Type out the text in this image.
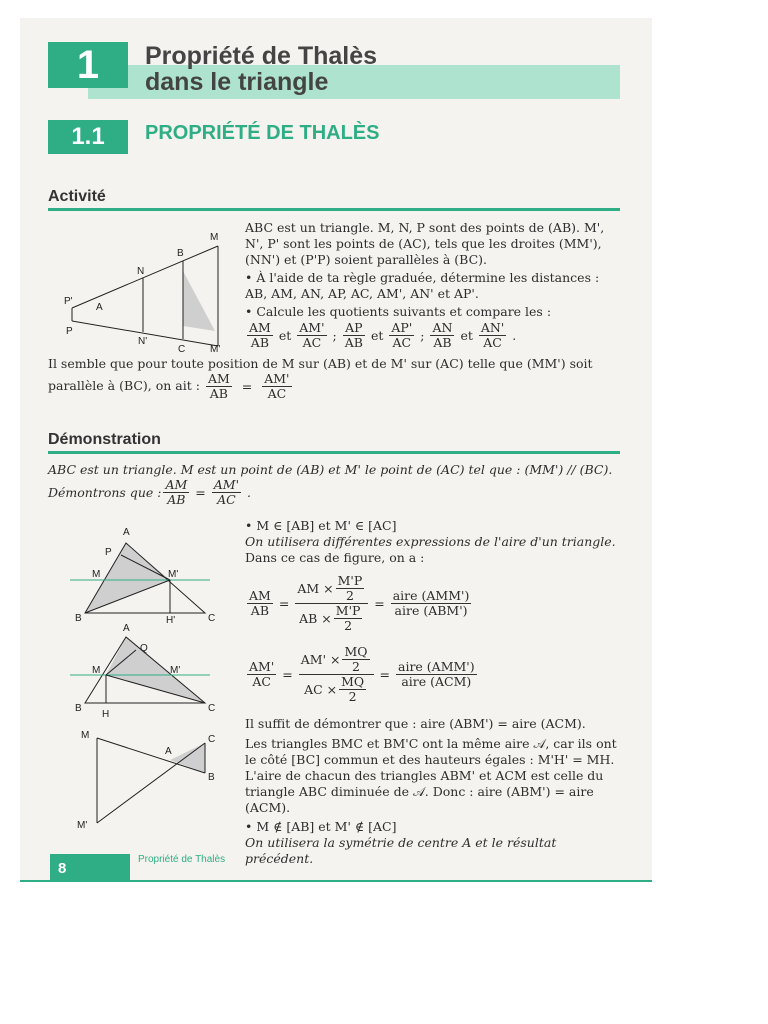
1	Propriété de Thalès
dans le triangle
1.1	PROPRIÉTÉ DE THALÈS
Activité
M
B
N
P'
A
P
N'
C M'
ABC est un triangle. M, N, P sont des points de (AB). M', N', P' sont les points de (AC), tels que les droites (MM'), (NN') et (P'P) soient parallèles à (BC).
• À l'aide de ta règle graduée, détermine les distances :
AB, AM, AN, AP, AC, AM', AN' et AP'.
• Calcule les quotients suivants et compare les :
$\frac{AM}{AB}$ et $\frac{AM'}{AC}$ ; $\frac{AP}{AB}$ et $\frac{AP'}{AC}$ ; $\frac{AN}{AB}$ et $\frac{AN'}{AC}$ .
Il semble que pour toute position de M sur (AB) et de M' sur (AC) telle que (MM') soit parallèle à (BC), on ait : $\frac{AM}{AB} = \frac{AM'}{AC}$
Démonstration
ABC est un triangle. M est un point de (AB) et M' le point de (AC) tel que : (MM') // (BC).
Démontrons que : $\frac{AM}{AB} = \frac{AM'}{AC}$ .
A
P
M	M'
B	H'	C
A
Q
M	M'
B
H
C
M	C
A
B
M'
• M ∈ [AB] et M' ∈ [AC]
On utilisera différentes expressions de l'aire d'un triangle.
Dans ce cas de figure, on a :
$\frac{AM}{AB} = \frac{AM \times \frac{M'P}{2}}{AB \times \frac{M'P}{2}} = \frac{\text{aire (AMM')}}{\text{aire (ABM')}}$
$\frac{AM'}{AC} = \frac{AM' \times \frac{MQ}{2}}{AC \times \frac{MQ}{2}} = \frac{\text{aire (AMM')}}{\text{aire (ACM)}}$
Il suffit de démontrer que : aire (ABM') = aire (ACM).
Les triangles BMC et BM'C ont la même aire 𝒜, car ils ont le côté [BC] commun et des hauteurs égales : M'H' = MH. L'aire de chacun des triangles ABM' et ACM est celle du triangle ABC diminuée de 𝒜. Donc : aire (ABM') = aire (ACM).
• M ∉ [AB] et M' ∉ [AC]
On utilisera la symétrie de centre A et le résultat précédent.
8	Propriété de Thalès
